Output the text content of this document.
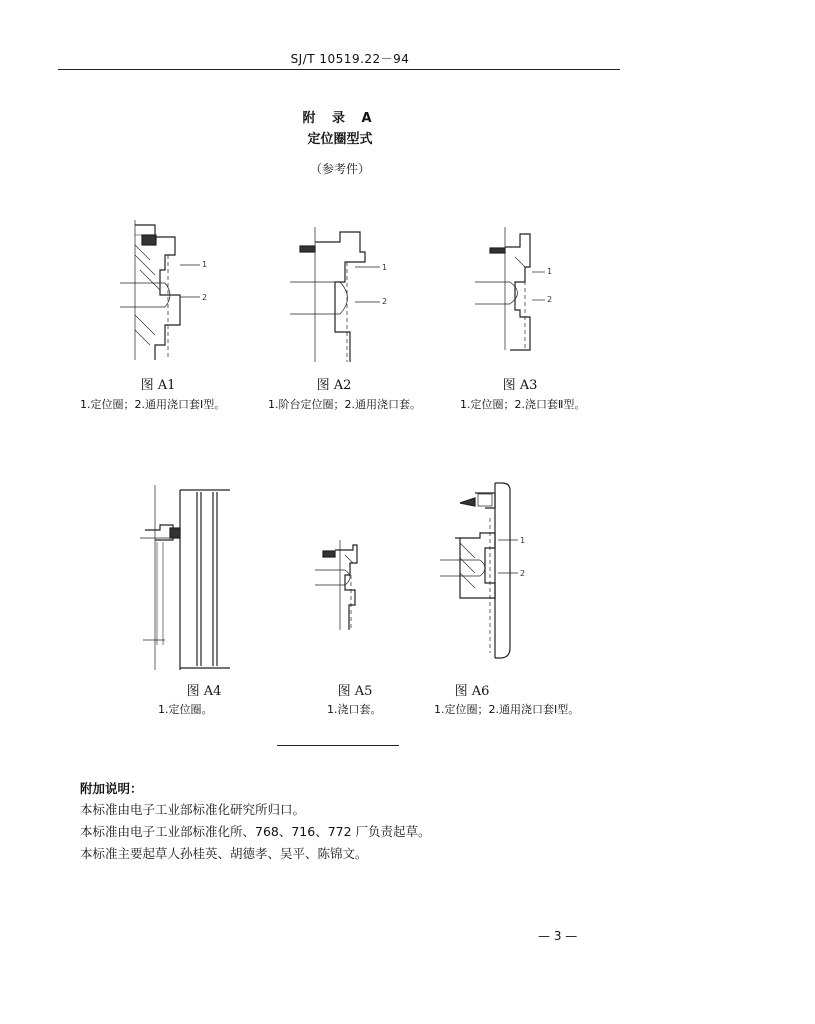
SJ/T 10519.22－94
附 录 A
定位圈型式
（参考件）
1
2
图 A1
1.定位圈；2.通用浇口套Ⅰ型。
1
2
图 A2
1.阶台定位圈；2.通用浇口套。
1
2
图 A3
1.定位圈；2.浇口套Ⅱ型。
图 A4
1.定位圈。
图 A5
1.浇口套。
1
2
图 A6
1.定位圈；2.通用浇口套Ⅰ型。
附加说明：
本标准由电子工业部标准化研究所归口。
本标准由电子工业部标准化所、768、716、772 厂负责起草。
本标准主要起草人孙桂英、胡德孝、吴平、陈锦文。
— 3 —
